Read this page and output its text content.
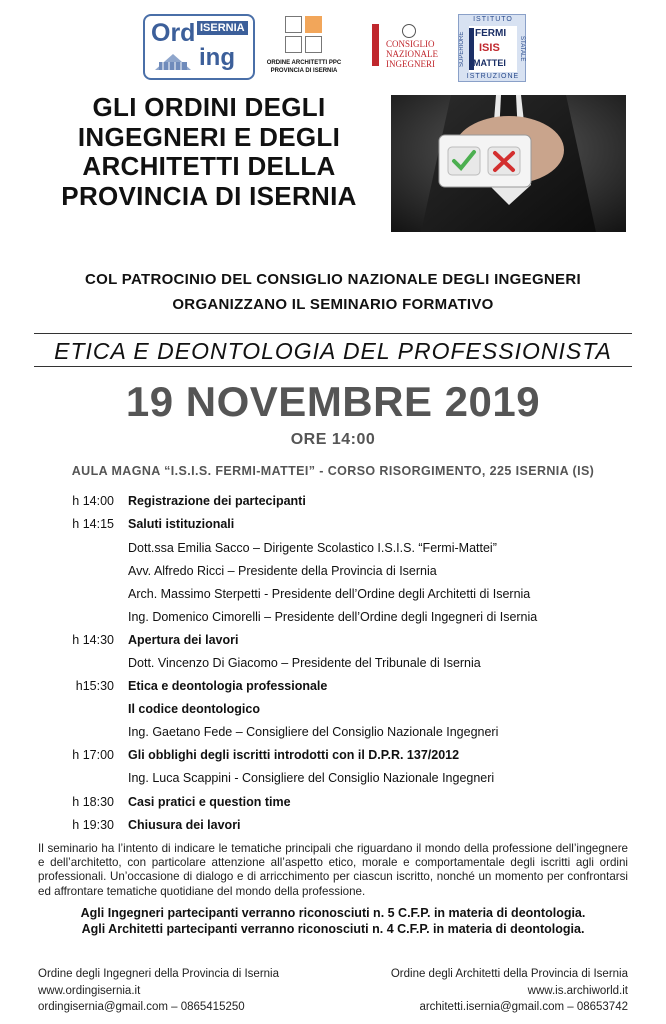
Ord ISERNIA
ing	ORDINE ARCHITETTI PPC
PROVINCIA DI ISERNIA
CONSIGLIO
NAZIONALE
INGEGNERI
ISTITUTO
SUPERIORE	STATALE
FERMI
ISIS
MATTEI
ISTRUZIONE
GLI ORDINI DEGLI
INGEGNERI E DEGLI
ARCHITETTI DELLA
PROVINCIA DI ISERNIA
COL PATROCINIO DEL CONSIGLIO NAZIONALE DEGLI INGEGNERI
ORGANIZZANO IL SEMINARIO FORMATIVO
ETICA E DEONTOLOGIA DEL PROFESSIONISTA
19 NOVEMBRE 2019
ORE 14:00
AULA MAGNA “I.S.I.S. FERMI-MATTEI” - CORSO RISORGIMENTO, 225 ISERNIA (IS)
h 14:00 Registrazione dei partecipanti
h 14:15 Saluti istituzionali
Dott.ssa Emilia Sacco – Dirigente Scolastico I.S.I.S. “Fermi-Mattei”
Avv. Alfredo Ricci – Presidente della Provincia di Isernia
Arch. Massimo Sterpetti - Presidente dell’Ordine degli Architetti di Isernia
Ing. Domenico Cimorelli – Presidente dell’Ordine degli Ingegneri di Isernia
h 14:30 Apertura dei lavori
Dott. Vincenzo Di Giacomo – Presidente del Tribunale di Isernia
h15:30 Etica e deontologia professionale
Il codice deontologico
Ing. Gaetano Fede – Consigliere del Consiglio Nazionale Ingegneri
h 17:00 Gli obblighi degli iscritti introdotti con il D.P.R. 137/2012
Ing. Luca Scappini - Consigliere del Consiglio Nazionale Ingegneri
h 18:30 Casi pratici e question time
h 19:30 Chiusura dei lavori
Il seminario ha l’intento di indicare le tematiche principali che riguardano il mondo della professione dell’ingegnere e dell’architetto, con particolare attenzione all’aspetto etico, morale e comportamentale degli iscritti agli ordini professionali. Un’occasione di dialogo e di arricchimento per ciascun iscritto, nonché un momento per confrontarsi ed affrontare tematiche quotidiane del mondo della professione.
Agli Ingegneri partecipanti verranno riconosciuti n. 5 C.F.P. in materia di deontologia.
Agli Architetti partecipanti verranno riconosciuti n. 4 C.F.P. in materia di deontologia.
Ordine degli Ingegneri della Provincia di Isernia
www.ordingisernia.it
ordingisernia@gmail.com – 0865415250
Ordine degli Architetti della Provincia di Isernia
www.is.archiworld.it
architetti.isernia@gmail.com – 08653742
